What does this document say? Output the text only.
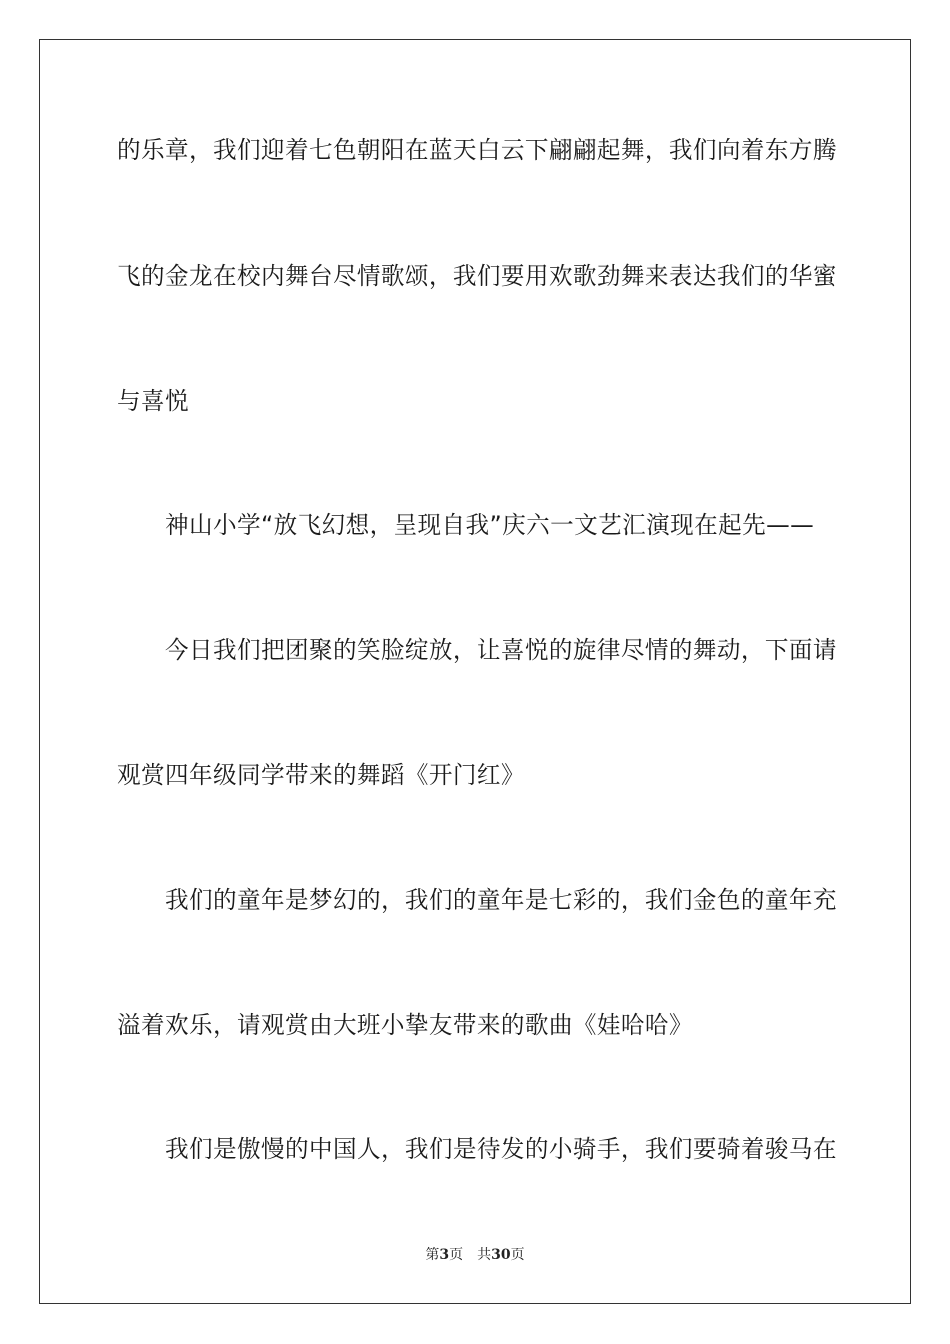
的乐章，我们迎着七色朝阳在蓝天白云下翩翩起舞，我们向着东方腾
飞的金龙在校内舞台尽情歌颂，我们要用欢歌劲舞来表达我们的华蜜
与喜悦
神山小学“放飞幻想，呈现自我”庆六一文艺汇演现在起先——
今日我们把团聚的笑脸绽放，让喜悦的旋律尽情的舞动，下面请
观赏四年级同学带来的舞蹈《开门红》
我们的童年是梦幻的，我们的童年是七彩的，我们金色的童年充
溢着欢乐，请观赏由大班小挚友带来的歌曲《娃哈哈》
我们是傲慢的中国人，我们是待发的小骑手，我们要骑着骏马在
第3页 共30页
